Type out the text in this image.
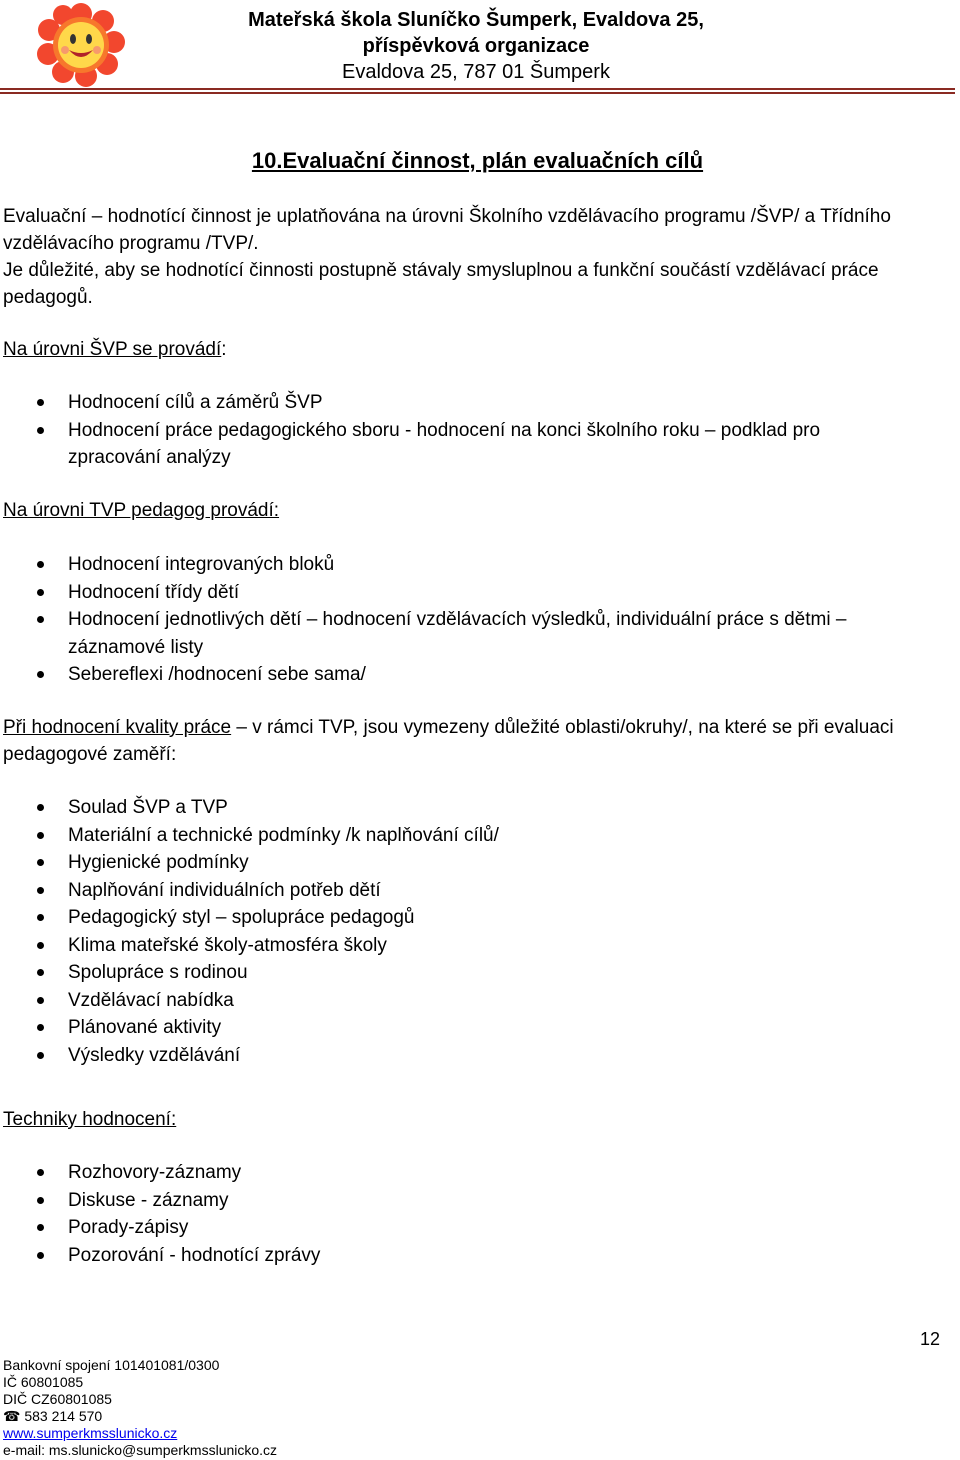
Mateřská škola Sluníčko Šumperk, Evaldova 25,
příspěvková organizace
Evaldova 25, 787 01 Šumperk
10.Evaluační činnost, plán evaluačních cílů
Evaluační – hodnotící činnost je uplatňována na úrovni Školního vzdělávacího programu /ŠVP/ a Třídního vzdělávacího programu /TVP/.
Je důležité, aby se hodnotící činnosti postupně stávaly smysluplnou a funkční součástí vzdělávací práce pedagogů.
Na úrovni ŠVP se provádí:
Hodnocení cílů a záměrů ŠVP
Hodnocení práce pedagogického sboru - hodnocení na konci školního roku – podklad pro zpracování analýzy
Na úrovni TVP pedagog provádí:
Hodnocení integrovaných bloků
Hodnocení třídy dětí
Hodnocení jednotlivých dětí – hodnocení vzdělávacích výsledků, individuální práce s dětmi – záznamové listy
Sebereflexi /hodnocení sebe sama/
Při hodnocení kvality práce – v rámci TVP, jsou vymezeny důležité oblasti/okruhy/, na které se při evaluaci pedagogové zaměří:
Soulad ŠVP a TVP
Materiální a technické podmínky /k naplňování cílů/
Hygienické podmínky
Naplňování individuálních potřeb dětí
Pedagogický styl – spolupráce pedagogů
Klima mateřské školy-atmosféra školy
Spolupráce s rodinou
Vzdělávací nabídka
Plánované aktivity
Výsledky vzdělávání
Techniky hodnocení:
Rozhovory-záznamy
Diskuse - záznamy
Porady-zápisy
Pozorování - hodnotící zprávy
12
Bankovní spojení 101401081/0300
IČ 60801085
DIČ CZ60801085
☎ 583 214 570
www.sumperkmsslunicko.cz
e-mail: ms.slunicko@sumperkmsslunicko.cz
